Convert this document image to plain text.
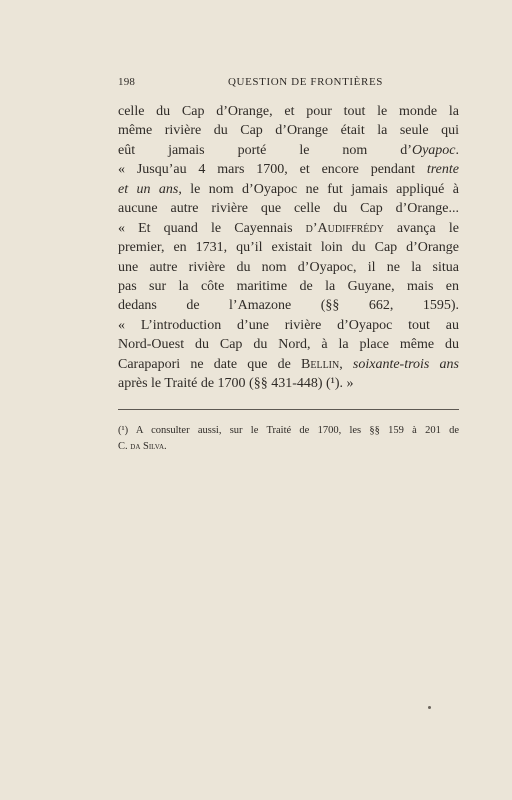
198	QUESTION DE FRONTIÈRES
celle du Cap d’Orange, et pour tout le monde la
même rivière du Cap d’Orange était la seule qui
eût jamais porté le nom d’Oyapoc.
« Jusqu’au 4 mars 1700, et encore pendant trente
et un ans, le nom d’Oyapoc ne fut jamais appliqué à
aucune autre rivière que celle du Cap d’Orange...
« Et quand le Cayennais d’Audiffrédy avança le
premier, en 1731, qu’il existait loin du Cap d’Orange
une autre rivière du nom d’Oyapoc, il ne la situa
pas sur la côte maritime de la Guyane, mais en
dedans de l’Amazone (§§ 662, 1595).
« L’introduction d’une rivière d’Oyapoc tout au
Nord-Ouest du Cap du Nord, à la place même du
Carapapori ne date que de Bellin, soixante-trois ans
après le Traité de 1700 (§§ 431-448) (¹). »
(¹) A consulter aussi, sur le Traité de 1700, les §§ 159 à 201 de
C. da Silva.
